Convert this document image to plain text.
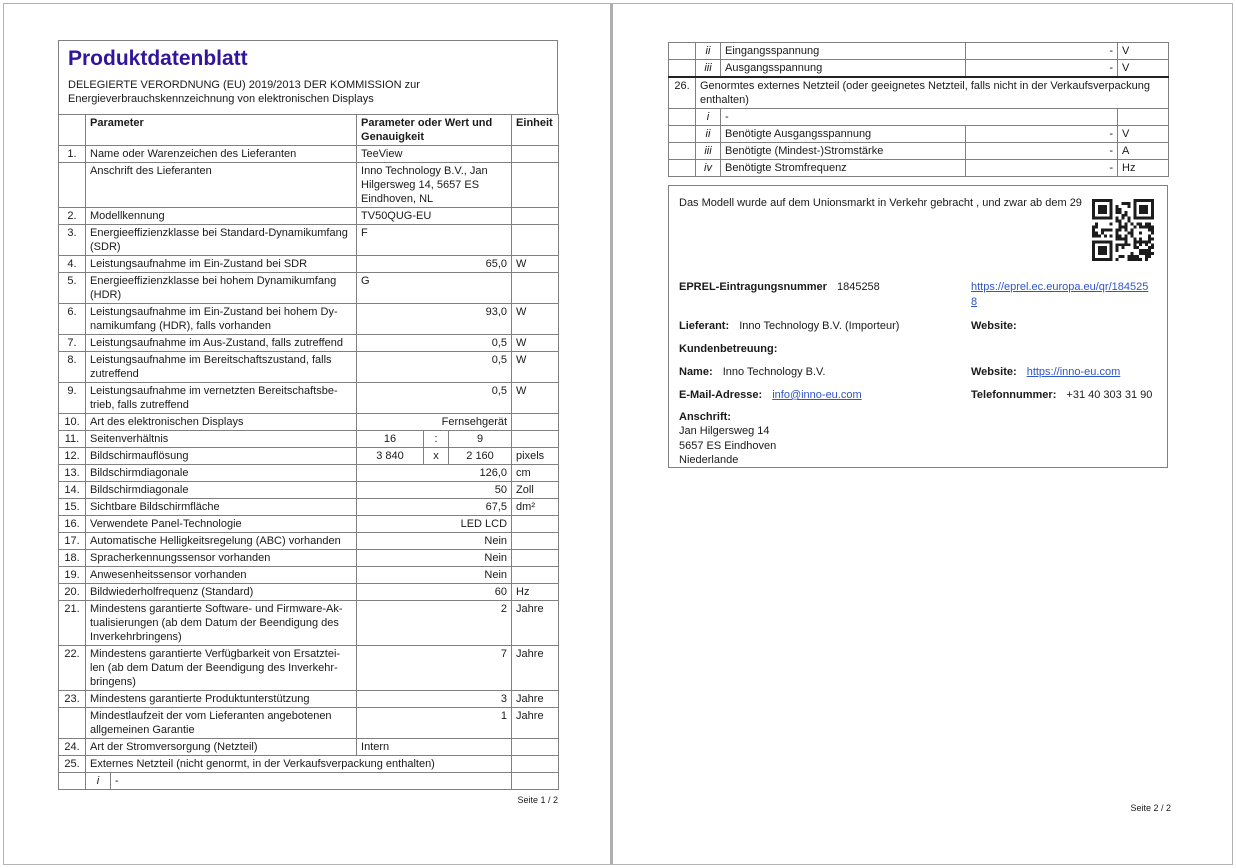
Produktdatenblatt
DELEGIERTE VERORDNUNG (EU) 2019/2013 DER KOMMISSION zur
Energieverbrauchskennzeichnung von elektronischen Displays
	Parameter		Parameter oder Wert und
Genauigkeit			Einheit
1.	Name oder Warenzeichen des Lieferanten		TeeView			
	Anschrift des Lieferanten		Inno Technology B.V., Jan
Hilgersweg 14, 5657 ES
Eindhoven, NL			
2.	Modellkennung		TV50QUG-EU			
3.	Energieeffizienzklasse bei Standard-Dynamikumfang
(SDR)		F			
4.	Leistungsaufnahme im Ein-Zustand bei SDR		65,0			W
5.	Energieeffizienzklasse bei hohem Dynamikumfang
(HDR)		G			
6.	Leistungsaufnahme im Ein-Zustand bei hohem Dy-
namikumfang (HDR), falls vorhanden		93,0			W
7.	Leistungsaufnahme im Aus-Zustand, falls zutreffend		0,5			W
8.	Leistungsaufnahme im Bereitschaftszustand, falls
zutreffend		0,5			W
9.	Leistungsaufnahme im vernetzten Bereitschaftsbe-
trieb, falls zutreffend		0,5			W
10.	Art des elektronischen Displays		Fernsehgerät			
11.	Seitenverhältnis		16	:	9	
12.	Bildschirmauflösung		3 840	x	2 160	pixels
13.	Bildschirmdiagonale		126,0			cm
14.	Bildschirmdiagonale		50			Zoll
15.	Sichtbare Bildschirmfläche		67,5			dm²
16.	Verwendete Panel-Technologie		LED LCD			
17.	Automatische Helligkeitsregelung (ABC) vorhanden		Nein			
18.	Spracherkennungssensor vorhanden		Nein			
19.	Anwesenheitssensor vorhanden		Nein			
20.	Bildwiederholfrequenz (Standard)		60			Hz
21.	Mindestens garantierte Software- und Firmware-Ak-
tualisierungen (ab dem Datum der Beendigung des
Inverkehrbringens)		2			Jahre
22.	Mindestens garantierte Verfügbarkeit von Ersatztei-
len (ab dem Datum der Beendigung des Inverkehr-
bringens)		7			Jahre
23.	Mindestens garantierte Produktunterstützung		3			Jahre
	Mindestlaufzeit der vom Lieferanten angebotenen
allgemeinen Garantie		1			Jahre
24.	Art der Stromversorgung (Netzteil)		Intern			
25.	Externes Netzteil (nicht genormt, in der Verkaufsverpackung enthalten)					
	i	-				
Seite 1 / 2
	ii	Eingangsspannung	-	V
	iii	Ausgangsspannung	-	V
26.	Genormtes externes Netzteil (oder geeignetes Netzteil, falls nicht in der Verkaufsverpackung
enthalten)			
	i	-		
	ii	Benötigte Ausgangsspannung	-	V
	iii	Benötigte (Mindest-)Stromstärke	-	A
	iv	Benötigte Stromfrequenz	-	Hz
Das Modell wurde auf dem Unionsmarkt in Verkehr gebracht , und zwar ab dem 29
EPREL-Eintragungsnummer 1845258	https://eprel.ec.europa.eu/qr/1845258
Lieferant: Inno Technology B.V. (Importeur)	Website:
Kundenbetreuung:
Name: Inno Technology B.V.	Website: https://inno-eu.com
E-Mail-Adresse: info@inno-eu.com	Telefonnummer: +31 40 303 31 90
Anschrift:
Jan Hilgersweg 14
5657 ES Eindhoven
Niederlande
Seite 2 / 2
